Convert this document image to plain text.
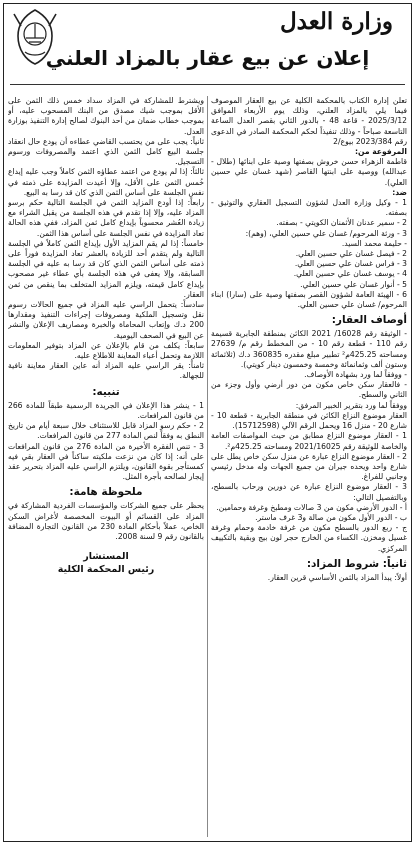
وزارة العدل
إعلان عن بيع عقار بالمزاد العلني

تعلن إدارة الكتاب بالمحكمة الكلية عن بيع العقار الموصوف فيما يلي بالمزاد العلني، وذلك يوم الأربعاء الموافق 2025/3/12 - قاعة 48 - بالدور الثاني بقصر العدل الساعة التاسعة صباحاً - وذلك تنفيذاً لحكم المحكمة الصادر في الدعوى رقم 2023/384 بيوع/2

المرفوعة من:

قاطمة الزهراء حسن خروش بصفتها وصية على ابنائها (طلال - عبدالله) ووصية على ابنتها القاصر (شهد غسان علي حسين العلي).

ضد:

1 - وكيل وزارة العدل لشؤون التسجيل العقاري والتوثيق - بصفته.

2 - سمير عدنان الأثمنان الكويتي - بصفته.

3 - ورثة المرحوم/ غسان علي حسين العلي، (وهم):

- حليمة محمد السيد.

2 - فيصل غسان علي حسين العلي.

3 - فراس غسان علي حسين العلي.

4 - يوسف غسان علي حسين العلي.

5 - أنوار غسان علي حسين العلي.

6 - الهيئة العامة لشؤون القصر بصفتها وصية على (سارا) ابناء المرحوم/ غسان علي حسين العلي.

أوصاف العقار:

- الوثيقة رقم 16028/ 2021 الكائن بمنطقة الجابرية قسيمة رقم 110 - قطعة رقم 10 - من المخطط رقم م/ 27639 ومساحته 425.25م² تطبير مبلغ مقدره 360835 د.ك (ثلاثمائة وستون ألف وثمانمائة وخمسة وخمسون دينار كويتي).

- ووفقاً لما ورد بشهادة الأوصاف.

- فالعقار سكن خاص مكون من دور أرضي وأول وجزء من الثاني والسطح.

ووفقاً لما ورد بتقرير الخبير المرفق:

العقار موضوع النزاع الكائن في منطقة الجابرية - قطعة 10 - شارع 20 - منزل 16 ويحمل الرقم الآلي (15712598).

1 - العقار موضوع النزاع مطابق من حيث المواصفات العامة والخاصة للوثيقة رقم 2021/16025 ومساحته 425.25م².

2 - العقار موضوع النزاع عبارة عن منزل سكن خاص يطل على شارع واحد ويحده جيران من جميع الجهات وله مدخل رئيسي وجانبي للفراغ.

3 - العقار موضوع النزاع عبارة عن دورين ورحاب بالسطح، وبالتفصيل التالي:

أ - الدور الأرضي مكون من 3 صالات ومطبخ وغرفة وحمامين.

ب - الدور الأول مكون من صالة و3 غرف ماستر.

ج - ربع الدور بالسطح مكون من غرفة خادمة وحمام وغرفة غسيل ومخزن. الكساء من الخارج حجر لون بيج وبقية بالتكييف المركزي.

ثانياً: شروط المزاد:

أولاً: يبدأ المزاد بالثمن الأساسي قرين العقار.

ويشترط للمشاركة في المزاد سداد خمس ذلك الثمن على الأقل بموجب شيك مصدق من البنك المسحوب عليه، أو بموجب خطاب ضمان من أحد البنوك لصالح إدارة التنفيذ بوزارة العدل.

ثانياً: يجب على من يحتسب القاضي عطاءه أن يودع حال انعقاد جلسة البيع كامل الثمن الذي اعتمد والمصروفات ورسوم التسجيل.

ثالثاً: إذا لم يودع من اعتمد عطاؤه الثمن كاملاً وجب عليه إيداع خُمس الثمن على الأقل، وإلا أعيدت المزايدة على ذمته في نفس الجلسة على أساس الثمن الذي كان قد رسا به البيع.

رابعاً: إذا أودع المزايد الثمن في الجلسة التالية حكم برسو المزاد عليه، وإلا إذا تقدم في هذه الجلسة من يقبل الشراء مع زيادة العُشر محسوباً بإيداع كامل ثمن المزاد، ففي هذه الحالة تعاد المزايدة في نفس الجلسة على أساس هذا الثمن.

خامساً: إذا لم يقم المزايد الأول بإيداع الثمن كاملاً في الجلسة التالية ولم يتقدم أحد للزيادة بالعشر تعاد المزايدة فوراً على ذمته على أساس الثمن الذي كان قد رسا به عليه في الجلسة السابقة، وإلا يعفى في هذه الجلسة بأي عطاء غير مصحوب بإيداع كامل قيمته، ويلزم المزايد المتخلف بما ينقص من ثمن العقار.

سادساً: يتحمل الراسي عليه المزاد في جميع الحالات رسوم نقل وتسجيل الملكية ومصروفات إجراءات التنفيذ ومقدارها 200 د.ك وإتعاب المحاماة والخبرة ومصاريف الإعلان والنشر عن البيع في الصحف اليومية.

سابعاً: يكلف من قام بالإعلان عن المزاد بتوفير المعلومات اللازمة وتحمل أعباء المعاينة للاطلاع عليه.

ثامناً: يقر الراسي عليه المزاد أنه عاين العقار معاينة نافية للجهالة.

تنبيه:

1 - ينشر هذا الإعلان في الجريدة الرسمية طبقاً للمادة 266 من قانون المرافعات.

2 - حكم رسو المزاد قابل للاستئناف خلال سبعة أيام من تاريخ النطق به وفقاً لنص المادة 277 من قانون المرافعات.

3 - تنص الفقرة الأخيرة من المادة 276 من قانون المرافعات على أنه: إذا كان من نزعت ملكيته ساكناً في العقار بقي فيه كمستأجر بقوة القانون، ويلتزم الراسي عليه المزاد بتحرير عقد إيجار لصالحه بأجرة المثل.

ملحوظة هامة:

يحظر على جميع الشركات والمؤسسات الفردية المشاركة في المزاد على القسائم أو البيوت المخصصة لأغراض السكن الخاص، عملاً بأحكام المادة 230 من القانون التجارة المضافة بالقانون رقم 9 لسنة 2008.

المستشار
رئيس المحكمة الكلية
